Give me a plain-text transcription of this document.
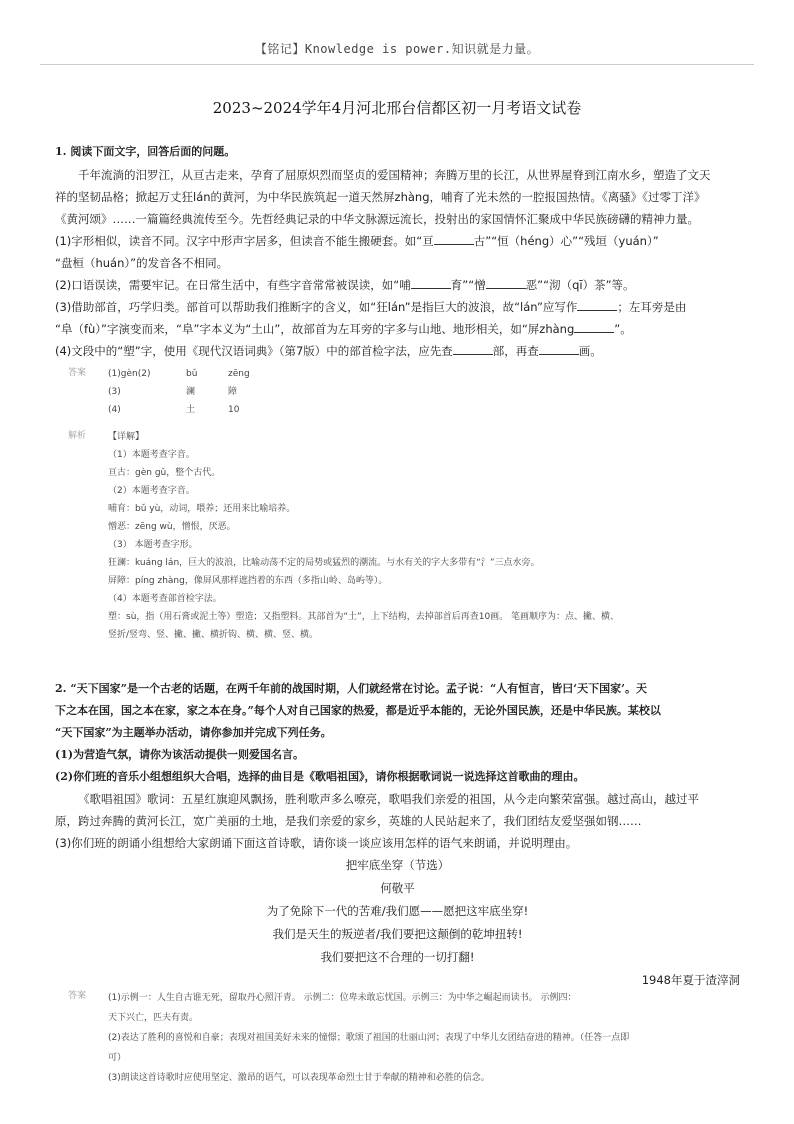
【铭记】Knowledge is power.知识就是力量。
2023~2024学年4月河北邢台信都区初一月考语文试卷
1. 阅读下面文字，回答后面的问题。
千年流淌的汨罗江，从亘古走来，孕育了屈原炽烈而坚贞的爱国精神；奔腾万里的长江，从世界屋脊到江南水乡，塑造了文天
祥的坚韧品格；掀起万丈狂lán的黄河，为中华民族筑起一道天然屏zhàng，哺育了光未然的一腔报国热情。《离骚》《过零丁洋》
《黄河颂》……一篇篇经典流传至今。先哲经典记录的中华文脉源远流长，投射出的家国情怀汇聚成中华民族磅礴的精神力量。
(1)字形相似，读音不同。汉字中形声字居多，但读音不能生搬硬套。如“亘	古”“恒（héng）心”“残垣（yuán）”
“盘桓（huán）”的发音各不相同。
(2)口语误读，需要牢记。在日常生活中，有些字音常常被误读，如“哺	育”“憎	恶”“沏（qī）茶”等。
(3)借助部首，巧学归类。部首可以帮助我们推断字的含义，如“狂lán”是指巨大的波浪，故“lán”应写作	；左耳旁是由
“阜（fù）”字演变而来，“阜”字本义为“土山”，故部首为左耳旁的字多与山地、地形相关，如“屏zhàng	”。
(4)文段中的“塑”字，使用《现代汉语词典》（第7版）中的部首检字法，应先查	部，再查	画。
答案 (1)gèn(2)	bǔ	zēng
(3)	澜	障
(4)	土	10
解析 【详解】
（1）本题考查字音。
亘古：gèn gǔ，整个古代。
（2）本题考查字音。
哺育：bǔ yù，动词，喂养；还用来比喻培养。
憎恶：zēng wù，憎恨，厌恶。
（3） 本题考查字形。
狂澜：kuáng lán，巨大的波浪，比喻动荡不定的局势或猛烈的潮流。与水有关的字大多带有“氵”三点水旁。
屏障：píng zhàng，像屏风那样遮挡着的东西（多指山岭、岛屿等）。
（4）本题考查部首检字法。
塑：sù，指（用石膏或泥土等）塑造；又指塑料。其部首为“土”，上下结构，去掉部首后再查10画。 笔画顺序为：点、撇、横、
竖折/竖弯、竖、撇、撇、横折钩、横、横、竖、横。
2. “天下国家”是一个古老的话题，在两千年前的战国时期，人们就经常在讨论。孟子说：“人有恒言，皆曰‘天下国家’。天
下之本在国，国之本在家，家之本在身。”每个人对自己国家的热爱，都是近乎本能的，无论外国民族，还是中华民族。某校以
“天下国家”为主题举办活动，请你参加并完成下列任务。
(1)为营造气氛，请你为该活动提供一则爱国名言。
(2)你们班的音乐小组想组织大合唱，选择的曲目是《歌唱祖国》，请你根据歌词说一说选择这首歌曲的理由。
《歌唱祖国》歌词：五星红旗迎风飘扬，胜利歌声多么嘹亮，歌唱我们亲爱的祖国，从今走向繁荣富强。越过高山，越过平
原，跨过奔腾的黄河长江，宽广美丽的土地，是我们亲爱的家乡，英雄的人民站起来了，我们团结友爱坚强如钢……
(3)你们班的朗诵小组想给大家朗诵下面这首诗歌，请你谈一谈应该用怎样的语气来朗诵，并说明理由。
把牢底坐穿（节选）
何敬平
为了免除下一代的苦难/我们愿——愿把这牢底坐穿!
我们是天生的叛逆者/我们要把这颠倒的乾坤扭转!
我们要把这不合理的一切打翻!
1948年夏于渣滓洞
答案 (1)示例一：人生自古谁无死，留取丹心照汗青。 示例二：位卑未敢忘忧国。示例三：为中华之崛起而读书。 示例四：
天下兴亡，匹夫有责。
(2)表达了胜利的喜悦和自豪；表现对祖国美好未来的憧憬；歌颂了祖国的壮丽山河；表现了中华儿女团结奋进的精神。（任答一点即
可）
(3)朗读这首诗歌时应使用坚定、激昂的语气，可以表现革命烈士甘于奉献的精神和必胜的信念。
